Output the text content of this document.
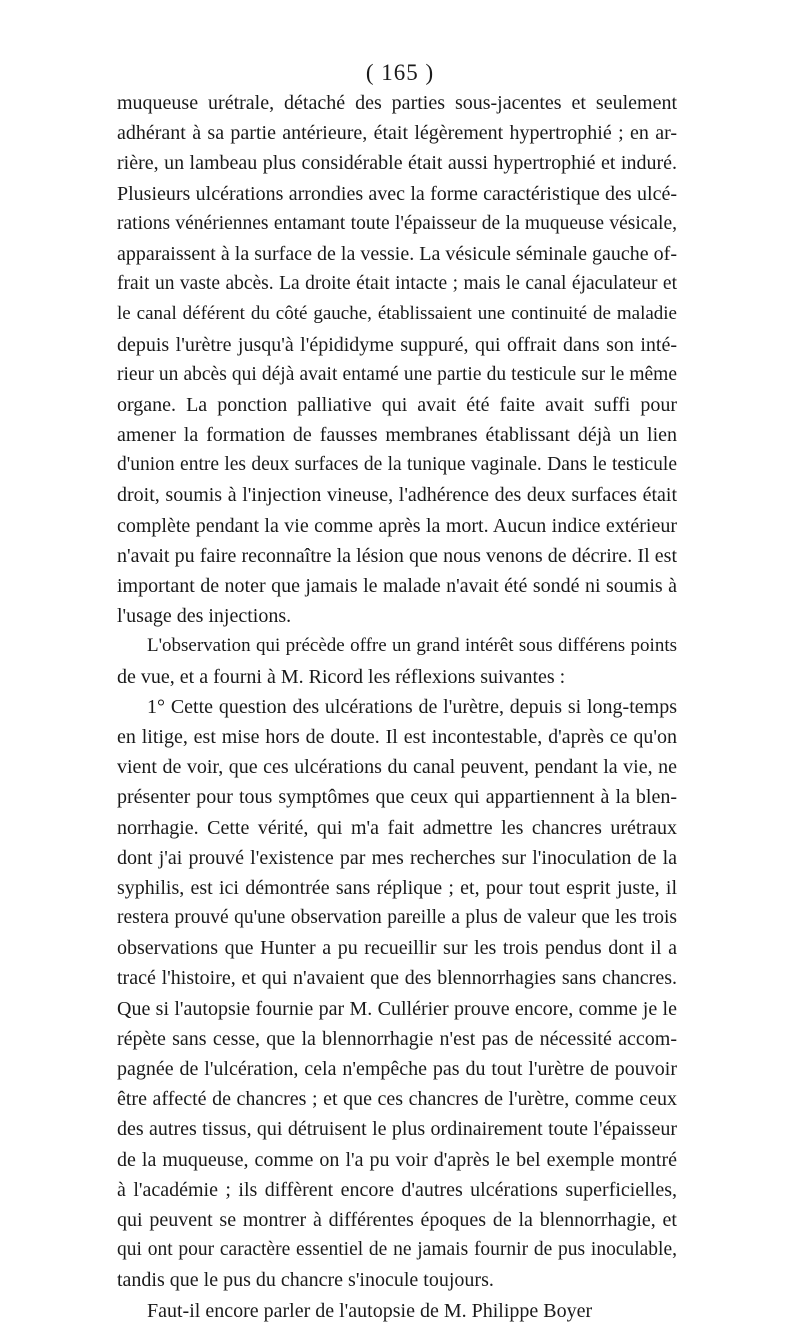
( 165 )
muqueuse urétrale, détaché des parties sous-jacentes et seulement
adhérant à sa partie antérieure, était légèrement hypertrophié ; en ar-
rière, un lambeau plus considérable était aussi hypertrophié et induré.
Plusieurs ulcérations arrondies avec la forme caractéristique des ulcé-
rations vénériennes entamant toute l'épaisseur de la muqueuse vésicale,
apparaissent à la surface de la vessie. La vésicule séminale gauche of-
frait un vaste abcès. La droite était intacte ; mais le canal éjaculateur et
le canal déférent du côté gauche, établissaient une continuité de maladie
depuis l'urètre jusqu'à l'épididyme suppuré, qui offrait dans son inté-
rieur un abcès qui déjà avait entamé une partie du testicule sur le même
organe. La ponction palliative qui avait été faite avait suffi pour
amener la formation de fausses membranes établissant déjà un lien
d'union entre les deux surfaces de la tunique vaginale. Dans le testicule
droit, soumis à l'injection vineuse, l'adhérence des deux surfaces était
complète pendant la vie comme après la mort. Aucun indice extérieur
n'avait pu faire reconnaître la lésion que nous venons de décrire. Il est
important de noter que jamais le malade n'avait été sondé ni soumis à
l'usage des injections.
L'observation qui précède offre un grand intérêt sous différens points
de vue, et a fourni à M. Ricord les réflexions suivantes :
1° Cette question des ulcérations de l'urètre, depuis si long-temps
en litige, est mise hors de doute. Il est incontestable, d'après ce qu'on
vient de voir, que ces ulcérations du canal peuvent, pendant la vie, ne
présenter pour tous symptômes que ceux qui appartiennent à la blen-
norrhagie. Cette vérité, qui m'a fait admettre les chancres urétraux
dont j'ai prouvé l'existence par mes recherches sur l'inoculation de la
syphilis, est ici démontrée sans réplique ; et, pour tout esprit juste, il
restera prouvé qu'une observation pareille a plus de valeur que les trois
observations que Hunter a pu recueillir sur les trois pendus dont il a
tracé l'histoire, et qui n'avaient que des blennorrhagies sans chancres.
Que si l'autopsie fournie par M. Cullérier prouve encore, comme je le
répète sans cesse, que la blennorrhagie n'est pas de nécessité accom-
pagnée de l'ulcération, cela n'empêche pas du tout l'urètre de pouvoir
être affecté de chancres ; et que ces chancres de l'urètre, comme ceux
des autres tissus, qui détruisent le plus ordinairement toute l'épaisseur
de la muqueuse, comme on l'a pu voir d'après le bel exemple montré
à l'académie ; ils diffèrent encore d'autres ulcérations superficielles,
qui peuvent se montrer à différentes époques de la blennorrhagie, et
qui ont pour caractère essentiel de ne jamais fournir de pus inoculable,
tandis que le pus du chancre s'inocule toujours.
Faut-il encore parler de l'autopsie de M. Philippe Boyer
